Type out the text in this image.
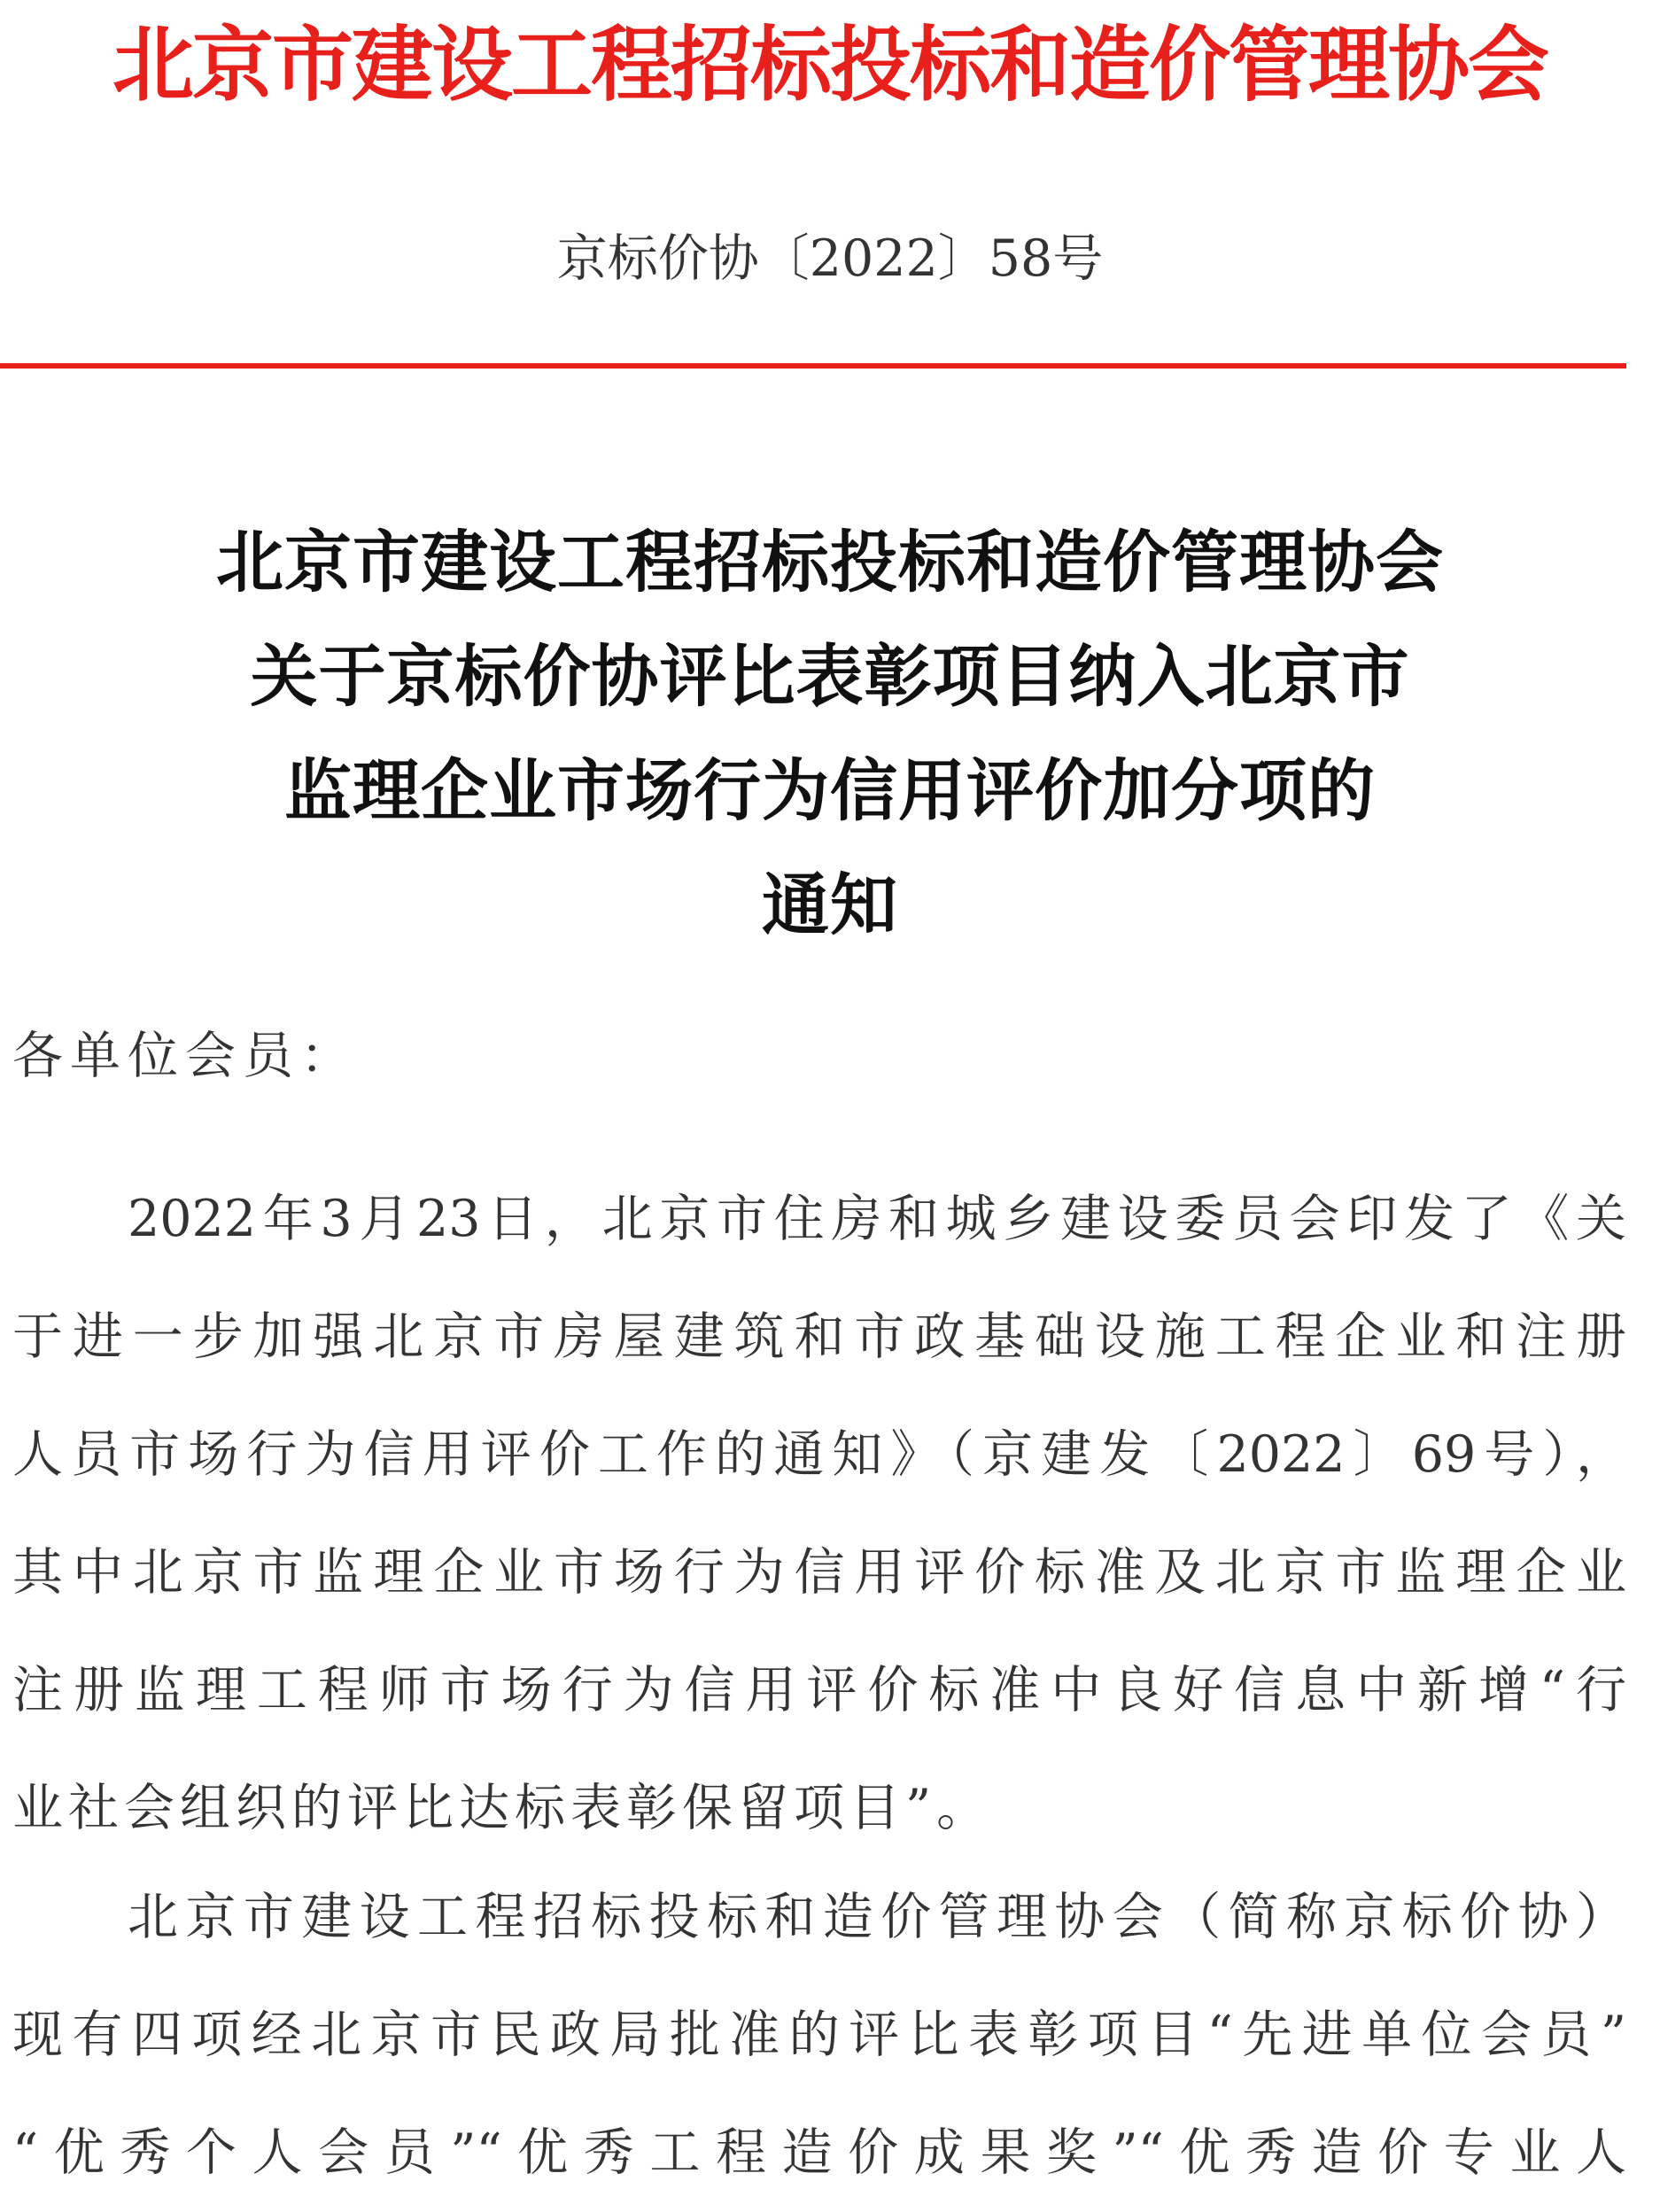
北京市建设工程招标投标和造价管理协会
京标价协〔2022〕58号
北京市建设工程招标投标和造价管理协会
关于京标价协评比表彰项目纳入北京市
监理企业市场行为信用评价加分项的
通知
各单位会员：
2022年3月23日，北京市住房和城乡建设委员会印发了《关
于进一步加强北京市房屋建筑和市政基础设施工程企业和注册
人员市场行为信用评价工作的通知》（京建发〔2022〕69号），
其中北京市监理企业市场行为信用评价标准及北京市监理企业
注册监理工程师市场行为信用评价标准中良好信息中新增“行
业社会组织的评比达标表彰保留项目”。
北京市建设工程招标投标和造价管理协会（简称京标价协）
现有四项经北京市民政局批准的评比表彰项目“先进单位会员”
“优秀个人会员”“优秀工程造价成果奖”“优秀造价专业人
